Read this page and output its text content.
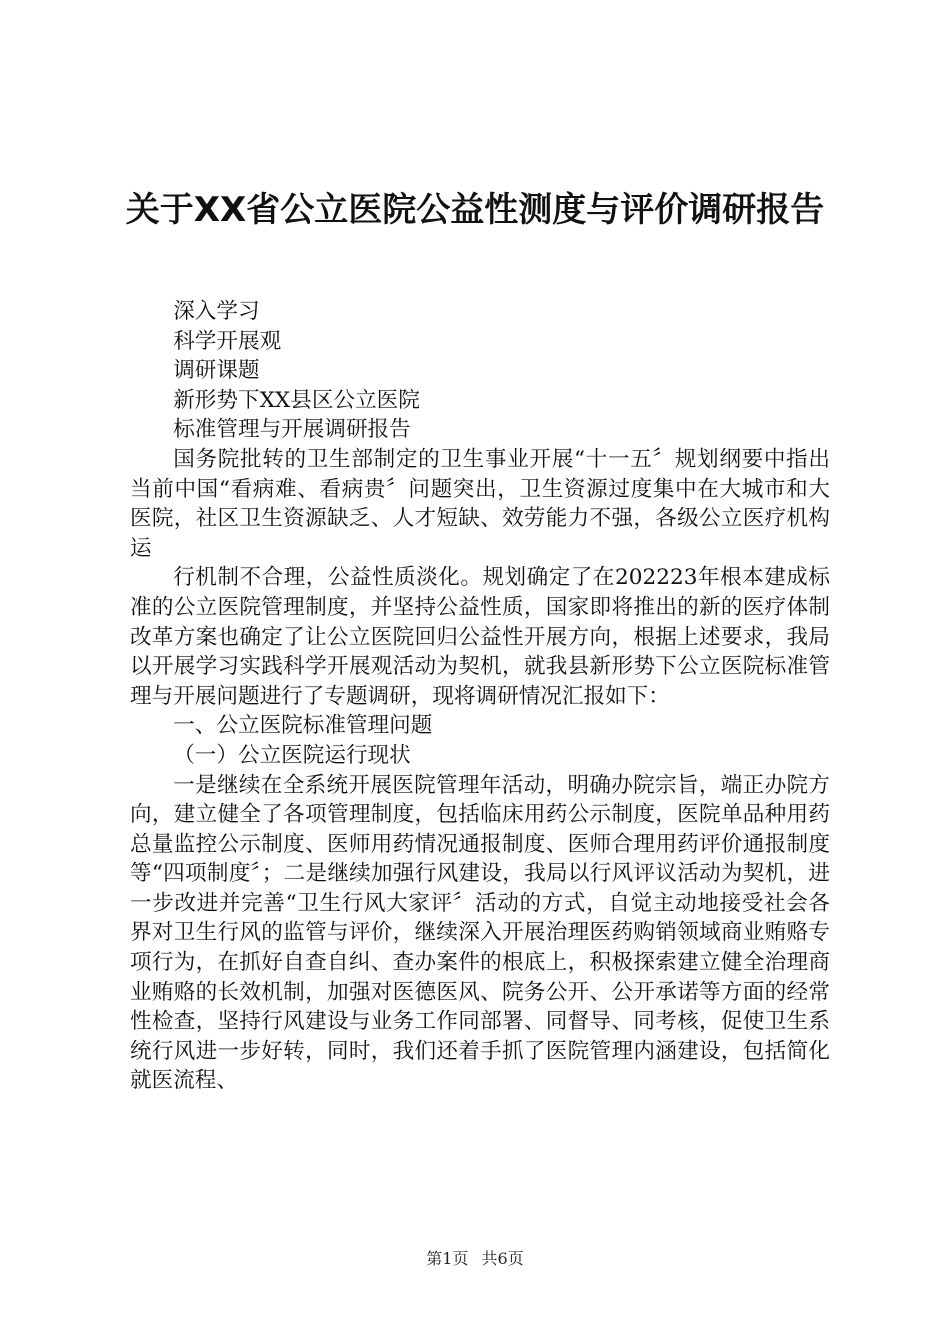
关于XX省公立医院公益性测度与评价调研报告

深入学习

科学开展观

调研课题

新形势下XX县区公立医院

标准管理与开展调研报告

国务院批转的卫生部制定的卫生事业开展“十一五〞规划纲要中指出当前中国“看病难、看病贵〞问题突出，卫生资源过度集中在大城市和大医院，社区卫生资源缺乏、人才短缺、效劳能力不强，各级公立医疗机构运

行机制不合理，公益性质淡化。规划确定了在202223年根本建成标准的公立医院管理制度，并坚持公益性质，国家即将推出的新的医疗体制改革方案也确定了让公立医院回归公益性开展方向，根据上述要求，我局以开展学习实践科学开展观活动为契机，就我县新形势下公立医院标准管理与开展问题进行了专题调研，现将调研情况汇报如下：

一、公立医院标准管理问题

（一）公立医院运行现状

一是继续在全系统开展医院管理年活动，明确办院宗旨，端正办院方向，建立健全了各项管理制度，包括临床用药公示制度，医院单品种用药总量监控公示制度、医师用药情况通报制度、医师合理用药评价通报制度等“四项制度〞；二是继续加强行风建设，我局以行风评议活动为契机，进一步改进并完善“卫生行风大家评〞活动的方式，自觉主动地接受社会各界对卫生行风的监管与评价，继续深入开展治理医药购销领域商业贿赂专项行为，在抓好自查自纠、查办案件的根底上，积极探索建立健全治理商业贿赂的长效机制，加强对医德医风、院务公开、公开承诺等方面的经常性检查，坚持行风建设与业务工作同部署、同督导、同考核，促使卫生系统行风进一步好转，同时，我们还着手抓了医院管理内涵建设，包括简化就医流程、

第1页 共6页
